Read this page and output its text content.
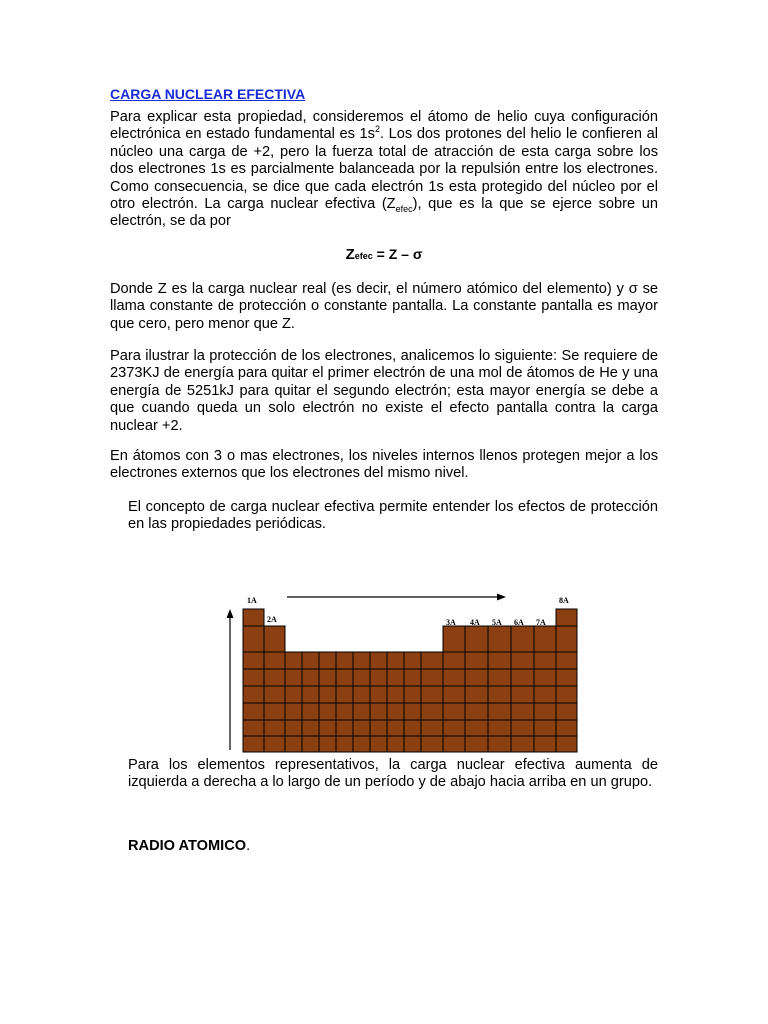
CARGA NUCLEAR EFECTIVA

Para explicar esta propiedad, consideremos el átomo de helio cuya configuración electrónica en estado fundamental es $1s^2$. Los dos protones del helio le confieren al núcleo una carga de +2, pero la fuerza total de atracción de esta carga sobre los dos electrones 1s es parcialmente balanceada por la repulsión entre los electrones. Como consecuencia, se dice que cada electrón 1s esta protegido del núcleo por el otro electrón. La carga nuclear efectiva $(Z_{efec})$, que es la que se ejerce sobre un electrón, se da por

Zefec = Z – σ

Donde Z es la carga nuclear real (es decir, el número atómico del elemento) y σ se llama constante de protección o constante pantalla. La constante pantalla es mayor que cero, pero menor que Z.

Para ilustrar la protección de los electrones, analicemos lo siguiente: Se requiere de 2373KJ de energía para quitar el primer electrón de una mol de átomos de He y una energía de 5251kJ para quitar el segundo electrón; esta mayor energía se debe a que cuando queda un solo electrón no existe el efecto pantalla contra la carga nuclear +2.

En átomos con 3 o mas electrones, los niveles internos llenos protegen mejor a los electrones externos que los electrones del mismo nivel.

El concepto de carga nuclear efectiva permite entender los efectos de protección en las propiedades periódicas.

1A
2A	3A 4A 5A 6A 7A
8A

Para los elementos representativos, la carga nuclear efectiva aumenta de izquierda a derecha a lo largo de un período y de abajo hacia arriba en un grupo.

RADIO ATOMICO.
